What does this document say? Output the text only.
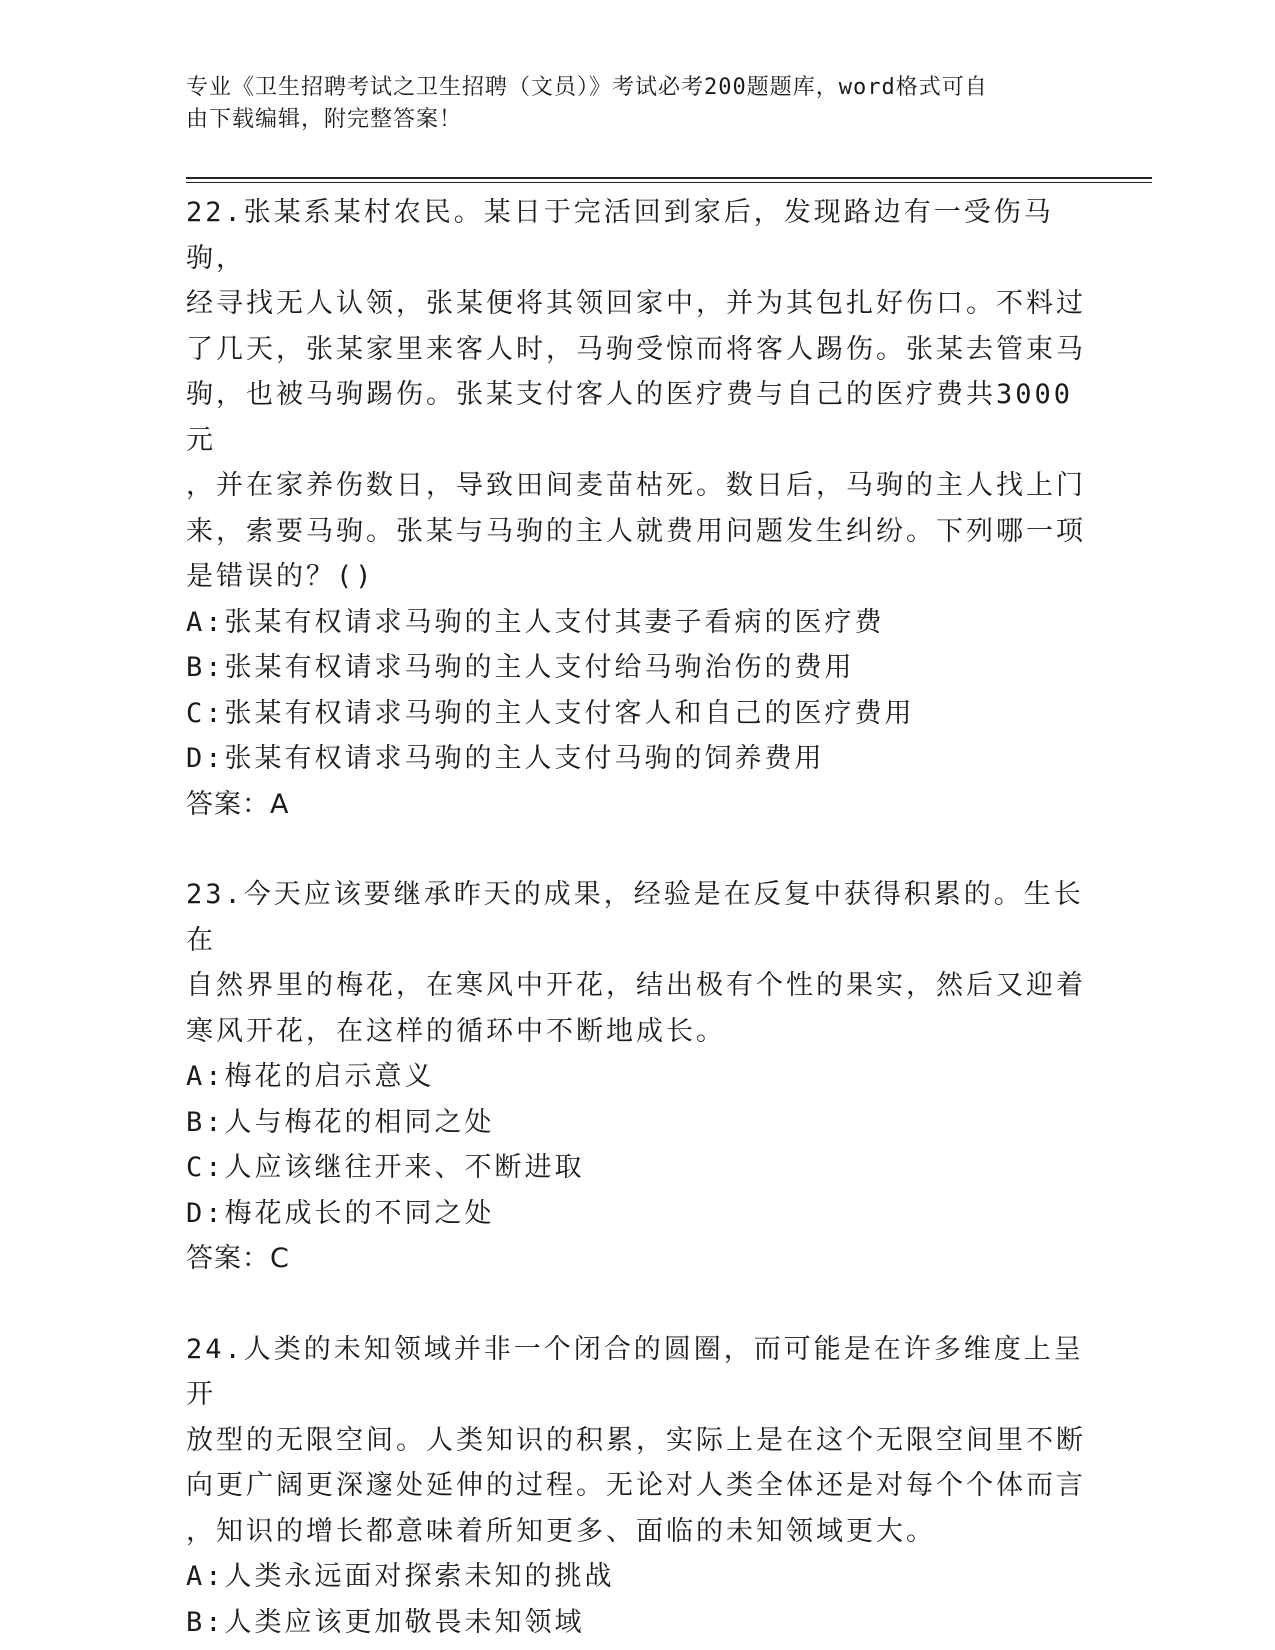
专业《卫生招聘考试之卫生招聘（文员）》考试必考200题题库，word格式可自
由下载编辑，附完整答案！
22.张某系某村农民。某日于完活回到家后，发现路边有一受伤马驹，
经寻找无人认领，张某便将其领回家中，并为其包扎好伤口。不料过
了几天，张某家里来客人时，马驹受惊而将客人踢伤。张某去管束马
驹，也被马驹踢伤。张某支付客人的医疗费与自己的医疗费共3000元
，并在家养伤数日，导致田间麦苗枯死。数日后，马驹的主人找上门
来，索要马驹。张某与马驹的主人就费用问题发生纠纷。下列哪一项
是错误的？()
A:张某有权请求马驹的主人支付其妻子看病的医疗费
B:张某有权请求马驹的主人支付给马驹治伤的费用
C:张某有权请求马驹的主人支付客人和自己的医疗费用
D:张某有权请求马驹的主人支付马驹的饲养费用
答案：A
23.今天应该要继承昨天的成果，经验是在反复中获得积累的。生长在
自然界里的梅花，在寒风中开花，结出极有个性的果实，然后又迎着
寒风开花，在这样的循环中不断地成长。
A:梅花的启示意义
B:人与梅花的相同之处
C:人应该继往开来、不断进取
D:梅花成长的不同之处
答案：C
24.人类的未知领域并非一个闭合的圆圈，而可能是在许多维度上呈开
放型的无限空间。人类知识的积累，实际上是在这个无限空间里不断
向更广阔更深邃处延伸的过程。无论对人类全体还是对每个个体而言
，知识的增长都意味着所知更多、面临的未知领域更大。
A:人类永远面对探索未知的挑战
B:人类应该更加敬畏未知领域
